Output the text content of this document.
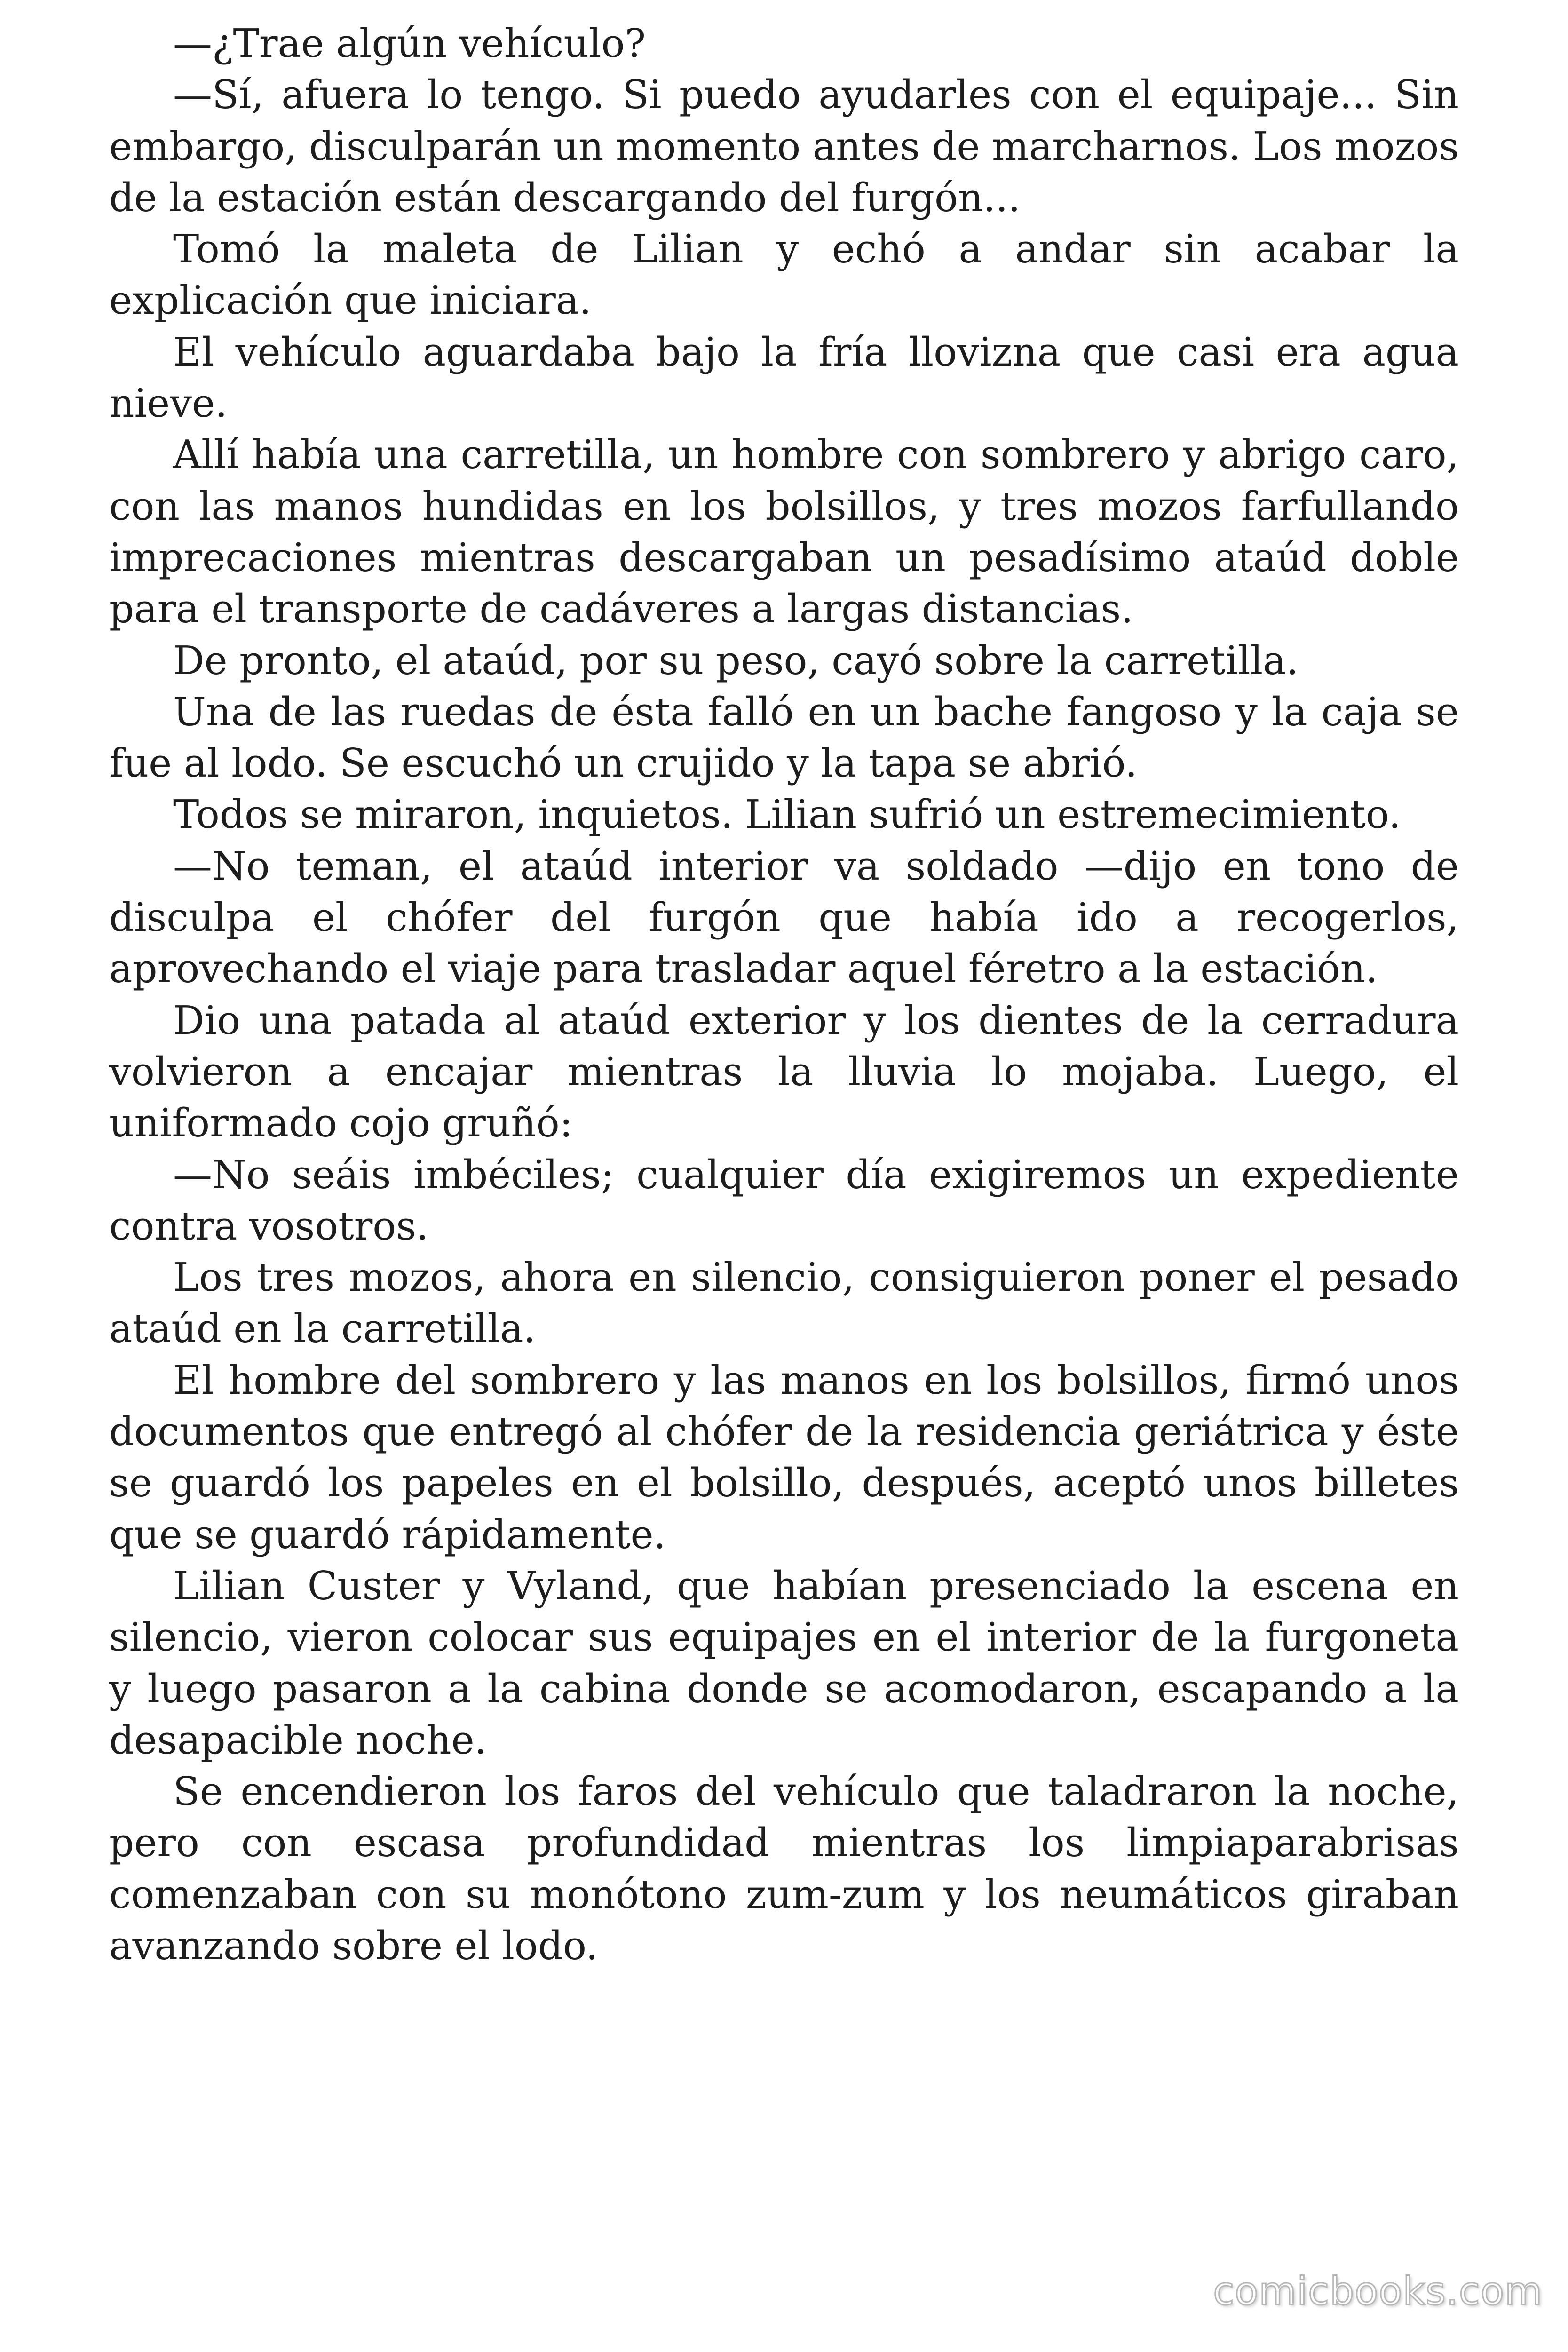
—¿Trae algún vehículo?

—Sí, afuera lo tengo. Si puedo ayudarles con el equipaje... Sin embargo, disculparán un momento antes de marcharnos. Los mozos de la estación están descargando del furgón...

Tomó la maleta de Lilian y echó a andar sin acabar la explicación que iniciara.

El vehículo aguardaba bajo la fría llovizna que casi era agua nieve.

Allí había una carretilla, un hombre con sombrero y abrigo caro, con las manos hundidas en los bolsillos, y tres mozos farfullando imprecaciones mientras descargaban un pesadísimo ataúd doble para el transporte de cadáveres a largas distancias.

De pronto, el ataúd, por su peso, cayó sobre la carretilla.

Una de las ruedas de ésta falló en un bache fangoso y la caja se fue al lodo. Se escuchó un crujido y la tapa se abrió.

Todos se miraron, inquietos. Lilian sufrió un estremecimiento.

—No teman, el ataúd interior va soldado —dijo en tono de disculpa el chófer del furgón que había ido a recogerlos, aprovechando el viaje para trasladar aquel féretro a la estación.

Dio una patada al ataúd exterior y los dientes de la cerradura volvieron a encajar mientras la lluvia lo mojaba. Luego, el uniformado cojo gruñó:

—No seáis imbéciles; cualquier día exigiremos un expediente contra vosotros.

Los tres mozos, ahora en silencio, consiguieron poner el pesado ataúd en la carretilla.

El hombre del sombrero y las manos en los bolsillos, firmó unos documentos que entregó al chófer de la residencia geriátrica y éste se guardó los papeles en el bolsillo, después, aceptó unos billetes que se guardó rápidamente.

Lilian Custer y Vyland, que habían presenciado la escena en silencio, vieron colocar sus equipajes en el interior de la furgoneta y luego pasaron a la cabina donde se acomodaron, escapando a la desapacible noche.

Se encendieron los faros del vehículo que taladraron la noche, pero con escasa profundidad mientras los limpiaparabrisas comenzaban con su monótono zum-zum y los neumáticos giraban avanzando sobre el lodo.

comicbooks.com
